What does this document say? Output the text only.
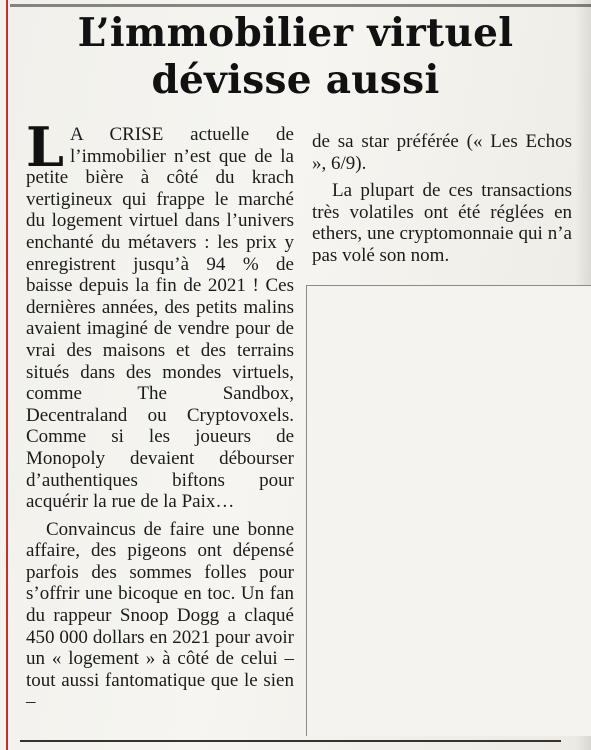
L’immobilier virtuel
dévisse aussi

L A CRISE actuelle de l’immobilier n’est que de la petite bière à côté du krach vertigineux qui frappe le marché du logement virtuel dans l’univers enchanté du métavers : les prix y enregistrent jusqu’à 94 % de baisse depuis la fin de 2021 ! Ces dernières années, des petits malins avaient imaginé de vendre pour de vrai des maisons et des terrains situés dans des mondes virtuels, comme The Sandbox, Decentraland ou Cryptovoxels. Comme si les joueurs de Monopoly devaient débourser d’authentiques biftons pour acquérir la rue de la Paix…

Convaincus de faire une bonne affaire, des pigeons ont dépensé parfois des sommes folles pour s’offrir une bicoque en toc. Un fan du rappeur Snoop Dogg a claqué 450 000 dollars en 2021 pour avoir un « logement » à côté de celui – tout aussi fantomatique que le sien –

de sa star préférée (« Les Echos », 6/9).

La plupart de ces transactions très volatiles ont été réglées en ethers, une cryptomonnaie qui n’a pas volé son nom.
